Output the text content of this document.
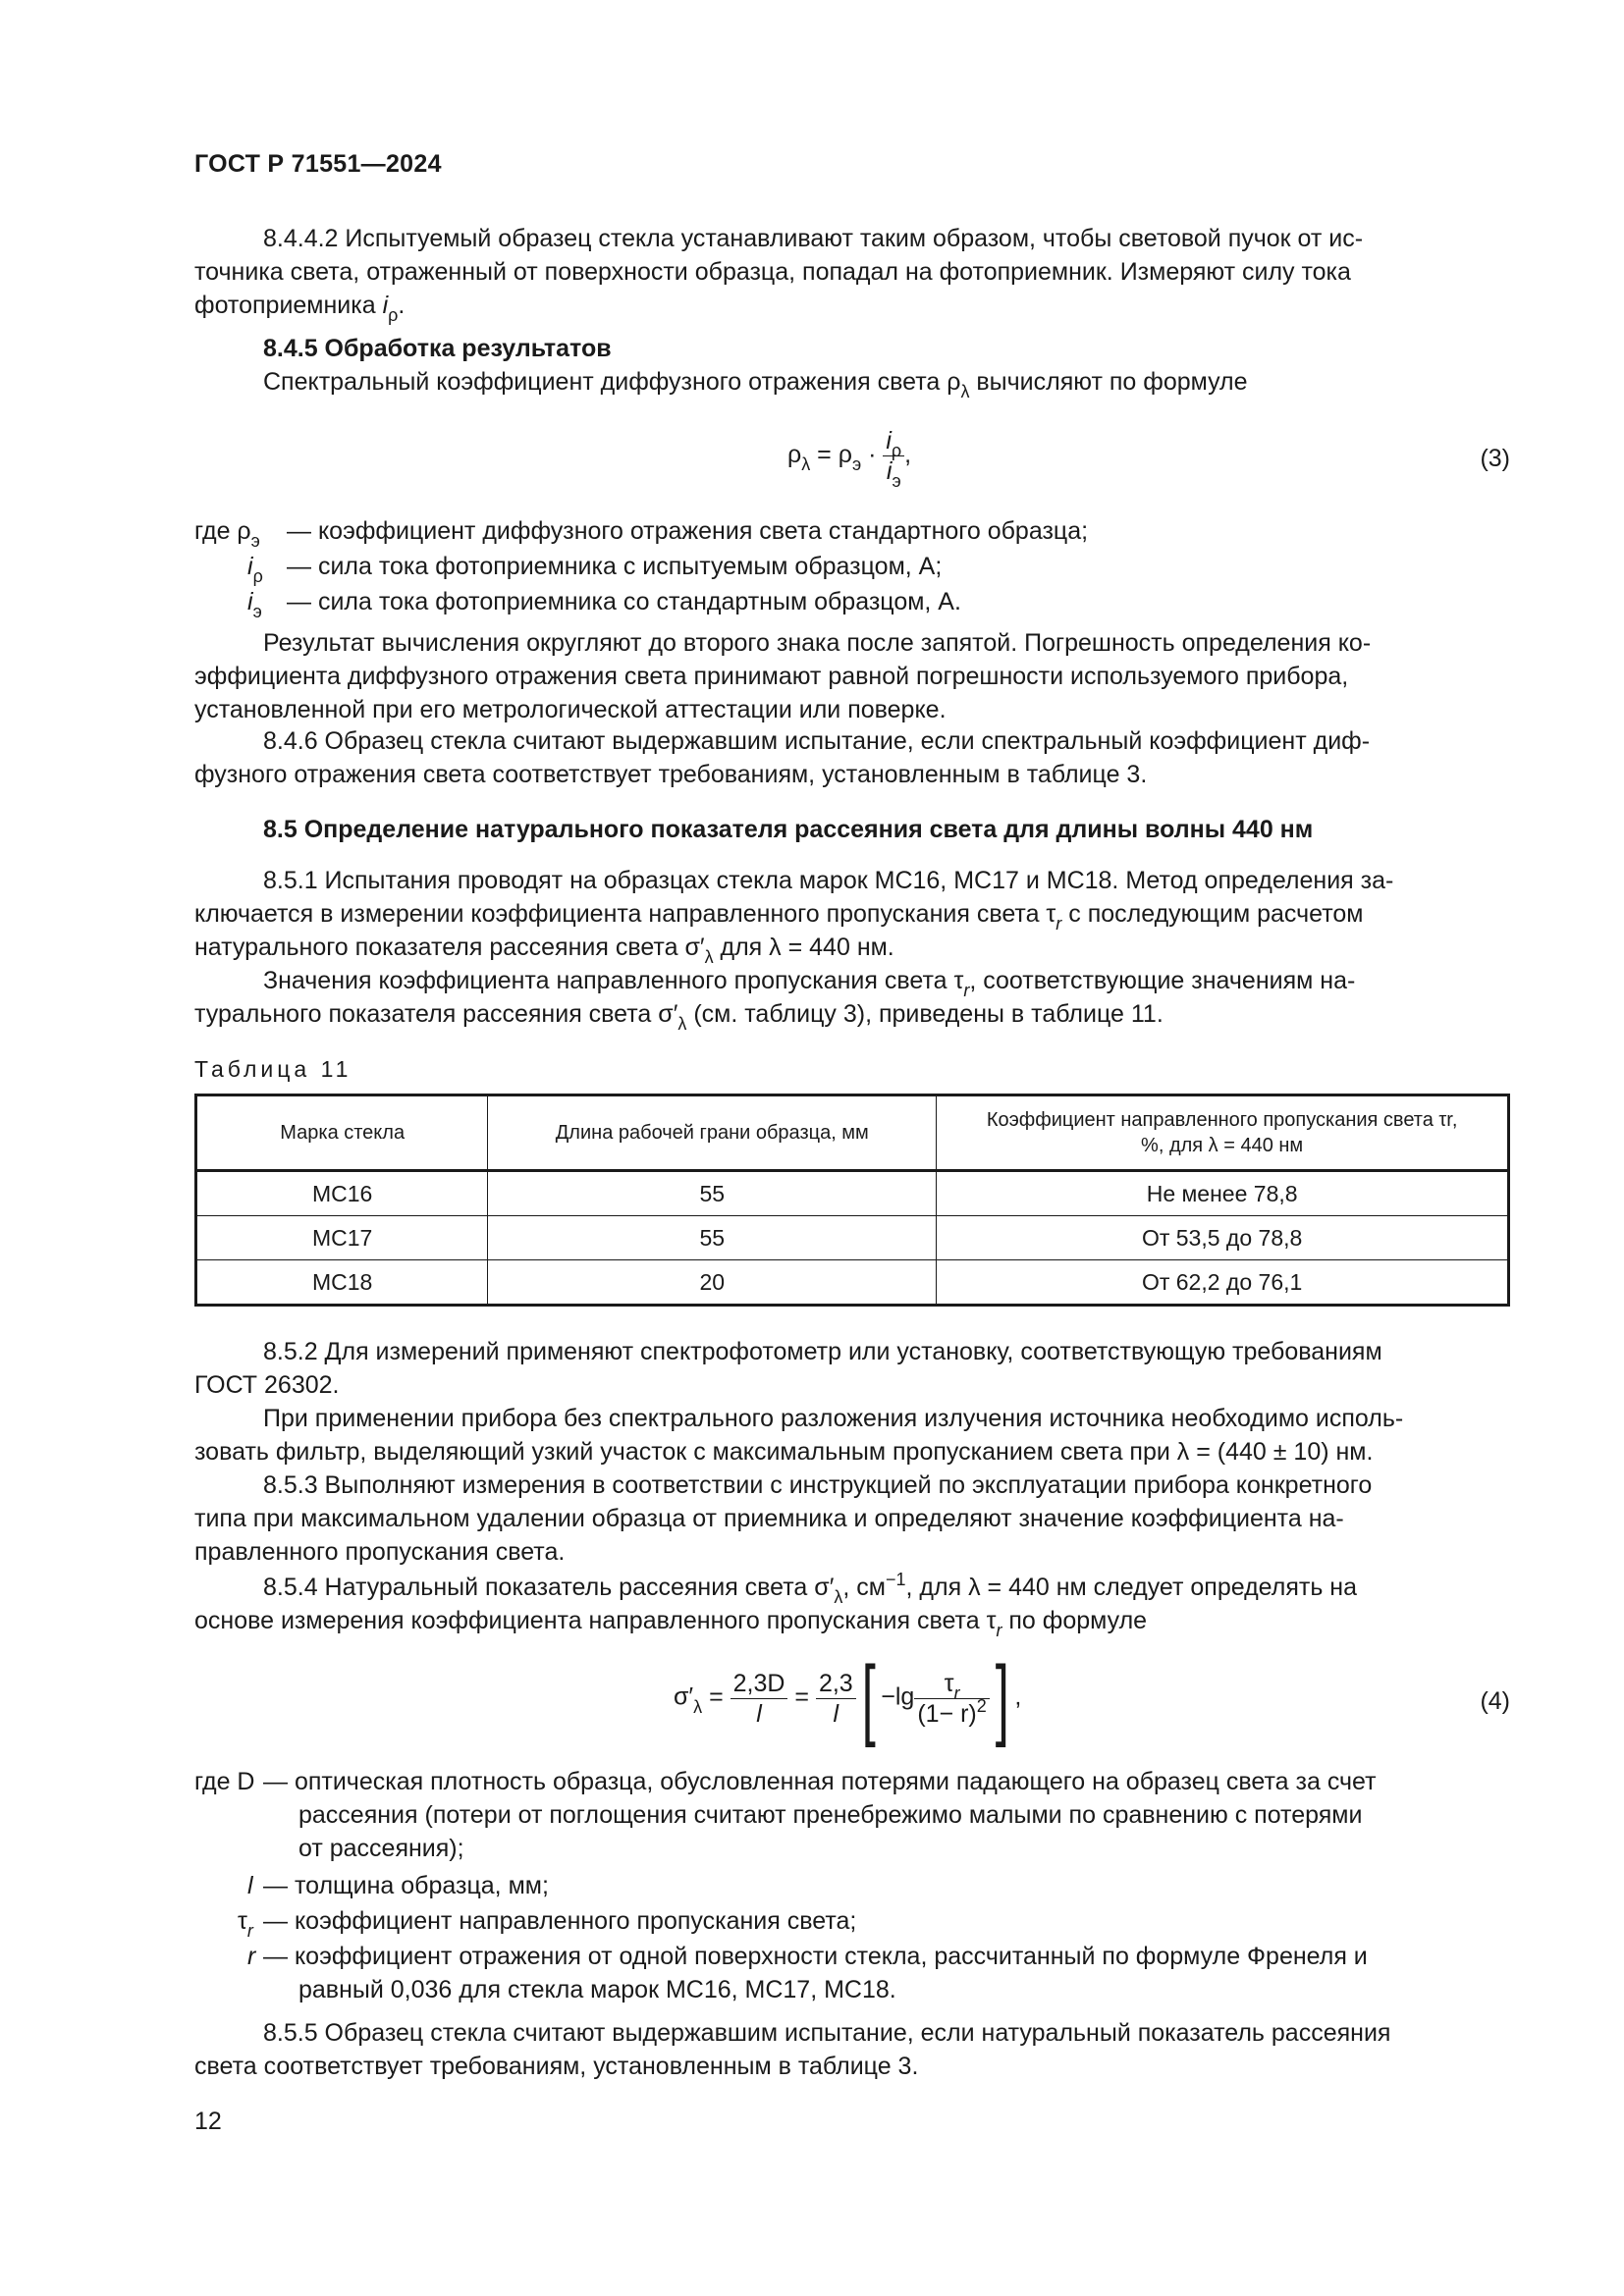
ГОСТ Р 71551—2024

8.4.4.2 Испытуемый образец стекла устанавливают таким образом, чтобы световой пучок от ис-

точника света, отраженный от поверхности образца, попадал на фотоприемник. Измеряют силу тока

фотоприемника $i_\rho$.

8.4.5 Обработка результатов

Спектральный коэффициент диффузного отражения света $\rho_\lambda$ вычисляют по формуле

$\rho_\lambda = \rho_э \cdot \frac{i_\rho}{i_э}$ ,	(3)
где $\rho_э$ — коэффициент диффузного отражения света стандартного образца;
$i_\rho$ — сила тока фотоприемника с испытуемым образцом, А;
$i_э$ — сила тока фотоприемника со стандартным образцом, А.

Результат вычисления округляют до второго знака после запятой. Погрешность определения ко-

эффициента диффузного отражения света принимают равной погрешности используемого прибора,

установленной при его метрологической аттестации или поверке.

8.4.6 Образец стекла считают выдержавшим испытание, если спектральный коэффициент диф-

фузного отражения света соответствует требованиям, установленным в таблице 3.

8.5 Определение натурального показателя рассеяния света для длины волны 440 нм

8.5.1 Испытания проводят на образцах стекла марок МС16, МС17 и МС18. Метод определения за-

ключается в измерении коэффициента направленного пропускания света $\tau_r$ с последующим расчетом

натурального показателя рассеяния света $\sigma'_\lambda$ для λ = 440 нм.

Значения коэффициента направленного пропускания света $\tau_r$, соответствующие значениям на-

турального показателя рассеяния света $\sigma'_\lambda$ (см. таблицу 3), приведены в таблице 11.

Таблица 11
Марка стекла	Длина рабочей грани образца, мм	Коэффициент направленного пропускания света τr,
%, для λ = 440 нм
МС16	55	Не менее 78,8
МС17	55	От 53,5 до 78,8
МС18	20	От 62,2 до 76,1

8.5.2 Для измерений применяют спектрофотометр или установку, соответствующую требованиям

ГОСТ 26302.

При применении прибора без спектрального разложения излучения источника необходимо исполь-

зовать фильтр, выделяющий узкий участок с максимальным пропусканием света при λ = (440 ± 10) нм.

8.5.3 Выполняют измерения в соответствии с инструкцией по эксплуатации прибора конкретного

типа при максимальном удалении образца от приемника и определяют значение коэффициента на-

правленного пропускания света.

8.5.4 Натуральный показатель рассеяния света $\sigma'_\lambda$, $см^{-1}$, для λ = 440 нм следует определять на

основе измерения коэффициента направленного пропускания света $\tau_r$ по формуле

$\sigma'_\lambda = \frac{2,3D}{l} = \frac{2,3}{l}$ [ $-\lg \frac{\tau_r}{(1- r)^2}$ ] ,	(4)
где D — оптическая плотность образца, обусловленная потерями падающего на образец света за счет

рассеяния (потери от поглощения считают пренебрежимо малыми по сравнению с потерями

от рассеяния);

l — толщина образца, мм;
$\tau_r$ — коэффициент направленного пропускания света;
r — коэффициент отражения от одной поверхности стекла, рассчитанный по формуле Френеля и

равный 0,036 для стекла марок МС16, МС17, МС18.

8.5.5 Образец стекла считают выдержавшим испытание, если натуральный показатель рассеяния

света соответствует требованиям, установленным в таблице 3.

12
